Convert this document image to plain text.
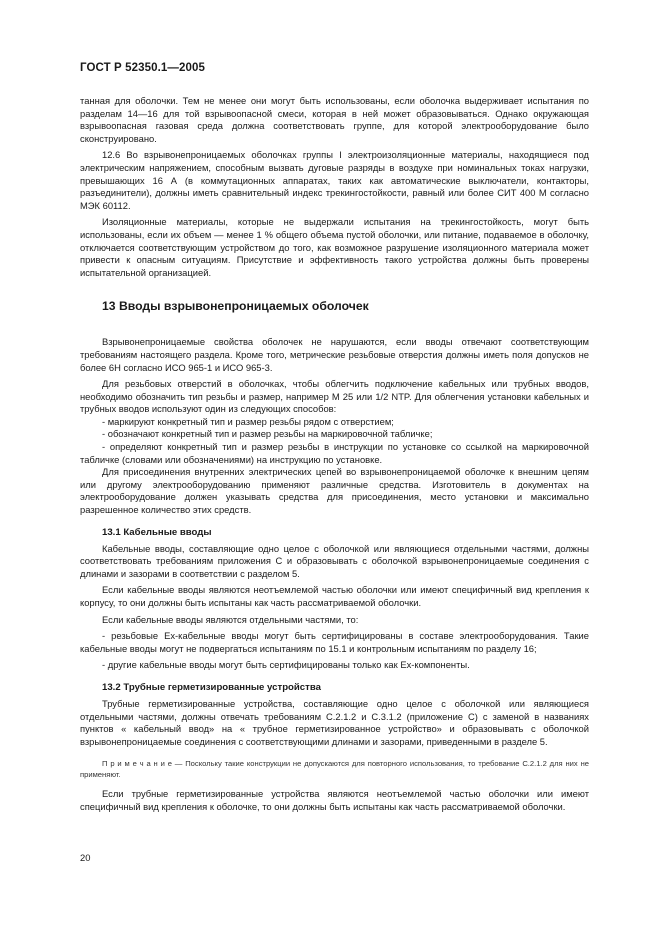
ГОСТ Р 52350.1—2005

танная для оболочки. Тем не менее они могут быть использованы, если оболочка выдерживает испытания по разделам 14—16 для той взрывоопасной смеси, которая в ней может образовываться. Однако окружающая взрывоопасная газовая среда должна соответствовать группе, для которой электрооборудование было сконструировано.

12.6 Во взрывонепроницаемых оболочках группы I электроизоляционные материалы, находящиеся под электрическим напряжением, способным вызвать дуговые разряды в воздухе при номинальных токах нагрузки, превышающих 16 А (в коммутационных аппаратах, таких как автоматические выключатели, контакторы, разъединители), должны иметь сравнительный индекс трекингостойкости, равный или более СИТ 400 М согласно МЭК 60112.

Изоляционные материалы, которые не выдержали испытания на трекингостойкость, могут быть использованы, если их объем — менее 1 % общего объема пустой оболочки, или питание, подаваемое в оболочку, отключается соответствующим устройством до того, как возможное разрушение изоляционного материала может привести к опасным ситуациям. Присутствие и эффективность такого устройства должны быть проверены испытательной организацией.

13 Вводы взрывонепроницаемых оболочек

Взрывонепроницаемые свойства оболочек не нарушаются, если вводы отвечают соответствующим требованиям настоящего раздела. Кроме того, метрические резьбовые отверстия должны иметь поля допусков не более 6Н согласно ИСО 965-1 и ИСО 965-3.

Для резьбовых отверстий в оболочках, чтобы облегчить подключение кабельных или трубных вводов, необходимо обозначить тип резьбы и размер, например М 25 или 1/2 NTP. Для облегчения установки кабельных и трубных вводов используют один из следующих способов:

- маркируют конкретный тип и размер резьбы рядом с отверстием;

- обозначают конкретный тип и размер резьбы на маркировочной табличке;

- определяют конкретный тип и размер резьбы в инструкции по установке со ссылкой на маркировочной табличке (словами или обозначениями) на инструкцию по установке.

Для присоединения внутренних электрических цепей во взрывонепроницаемой оболочке к внешним цепям или другому электрооборудованию применяют различные средства. Изготовитель в документах на электрооборудование должен указывать средства для присоединения, место установки и максимально разрешенное количество этих средств.

13.1 Кабельные вводы

Кабельные вводы, составляющие одно целое с оболочкой или являющиеся отдельными частями, должны соответствовать требованиям приложения С и образовывать с оболочкой взрывонепроницаемые соединения с длинами и зазорами в соответствии с разделом 5.

Если кабельные вводы являются неотъемлемой частью оболочки или имеют специфичный вид крепления к корпусу, то они должны быть испытаны как часть рассматриваемой оболочки.

Если кабельные вводы являются отдельными частями, то:

- резьбовые Ех-кабельные вводы могут быть сертифицированы в составе электрооборудования. Такие кабельные вводы могут не подвергаться испытаниям по 15.1 и контрольным испытаниям по разделу 16;

- другие кабельные вводы могут быть сертифицированы только как Ех-компоненты.

13.2 Трубные герметизированные устройства

Трубные герметизированные устройства, составляющие одно целое с оболочкой или являющиеся отдельными частями, должны отвечать требованиям С.2.1.2 и С.3.1.2 (приложение С) с заменой в названиях пунктов « кабельный ввод» на « трубное герметизированное устройство» и образовывать с оболочкой взрывонепроницаемые соединения с соответствующими длинами и зазорами, приведенными в разделе 5.

П р и м е ч а н и е — Поскольку такие конструкции не допускаются для повторного использования, то требование С.2.1.2 для них не применяют.

Если трубные герметизированные устройства являются неотъемлемой частью оболочки или имеют специфичный вид крепления к оболочке, то они должны быть испытаны как часть рассматриваемой оболочки.

20
